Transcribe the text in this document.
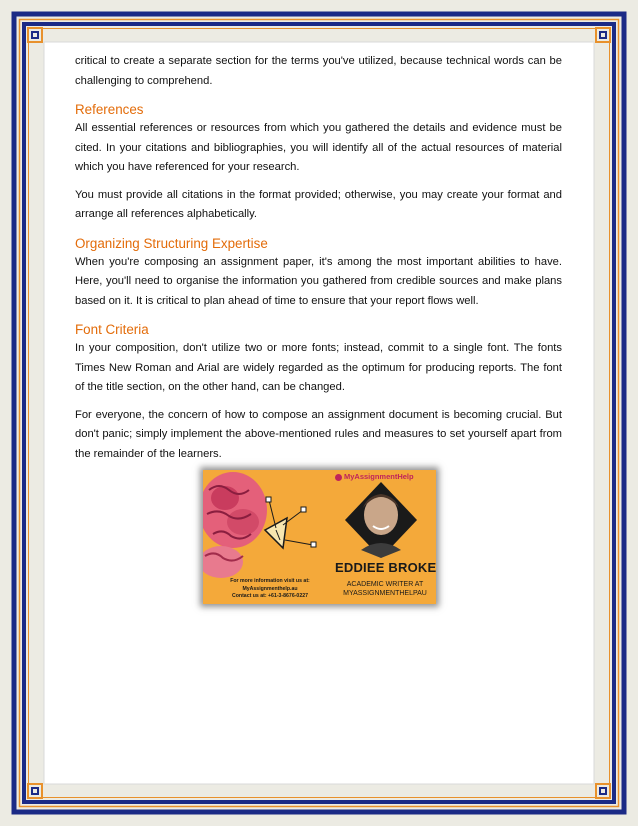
critical to create a separate section for the terms you've utilized, because technical words can be challenging to comprehend.

References

All essential references or resources from which you gathered the details and evidence must be cited. In your citations and bibliographies, you will identify all of the actual resources of material which you have referenced for your research.

You must provide all citations in the format provided; otherwise, you may create your format and arrange all references alphabetically.

Organizing Structuring Expertise

When you're composing an assignment paper, it's among the most important abilities to have. Here, you'll need to organise the information you gathered from credible sources and make plans based on it. It is critical to plan ahead of time to ensure that your report flows well.

Font Criteria

In your composition, don't utilize two or more fonts; instead, commit to a single font. The fonts Times New Roman and Arial are widely regarded as the optimum for producing reports. The font of the title section, on the other hand, can be changed.

For everyone, the concern of how to compose an assignment document is becoming crucial. But don't panic; simply implement the above-mentioned rules and measures to set yourself apart from the remainder of the learners.

MyAssignmentHelp
EDDIEE BROKE
ACADEMIC WRITER AT
MYASSIGNMENTHELPAU
For more information visit us at:
MyAssignmenthelp.au
Contact us at: +61-3-8676-0227
